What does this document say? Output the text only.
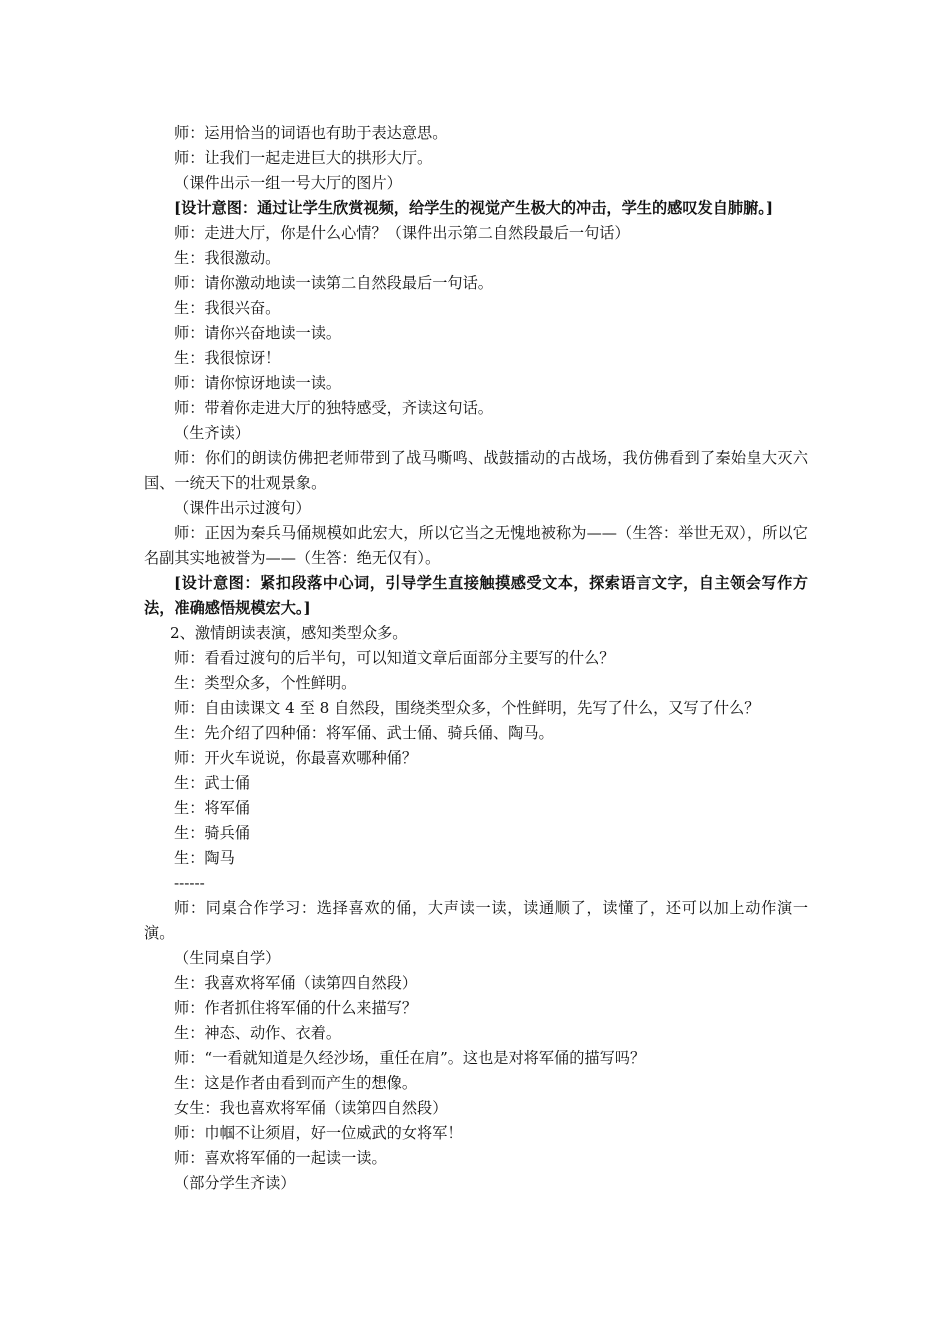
师：运用恰当的词语也有助于表达意思。

师：让我们一起走进巨大的拱形大厅。

（课件出示一组一号大厅的图片）

[设计意图：通过让学生欣赏视频，给学生的视觉产生极大的冲击，学生的感叹发自肺腑。]

师：走进大厅，你是什么心情？（课件出示第二自然段最后一句话）

生：我很激动。

师：请你激动地读一读第二自然段最后一句话。

生：我很兴奋。

师：请你兴奋地读一读。

生：我很惊讶！

师：请你惊讶地读一读。

师：带着你走进大厅的独特感受，齐读这句话。

（生齐读）

师：你们的朗读仿佛把老师带到了战马嘶鸣、战鼓擂动的古战场，我仿佛看到了秦始皇大灭六国、一统天下的壮观景象。

（课件出示过渡句）

师：正因为秦兵马俑规模如此宏大，所以它当之无愧地被称为——（生答：举世无双），所以它名副其实地被誉为——（生答：绝无仅有）。

[设计意图：紧扣段落中心词，引导学生直接触摸感受文本，探索语言文字，自主领会写作方法，准确感悟规模宏大。]

2、激情朗读表演，感知类型众多。

师：看看过渡句的后半句，可以知道文章后面部分主要写的什么？

生：类型众多，个性鲜明。

师：自由读课文 4 至 8 自然段，围绕类型众多，个性鲜明，先写了什么，又写了什么？

生：先介绍了四种俑：将军俑、武士俑、骑兵俑、陶马。

师：开火车说说，你最喜欢哪种俑？

生：武士俑

生：将军俑

生：骑兵俑

生：陶马

------

师：同桌合作学习：选择喜欢的俑，大声读一读，读通顺了，读懂了，还可以加上动作演一演。

（生同桌自学）

生：我喜欢将军俑（读第四自然段）

师：作者抓住将军俑的什么来描写？

生：神态、动作、衣着。

师：“一看就知道是久经沙场，重任在肩”。这也是对将军俑的描写吗？

生：这是作者由看到而产生的想像。

女生：我也喜欢将军俑（读第四自然段）

师：巾帼不让须眉，好一位威武的女将军！

师：喜欢将军俑的一起读一读。

（部分学生齐读）
